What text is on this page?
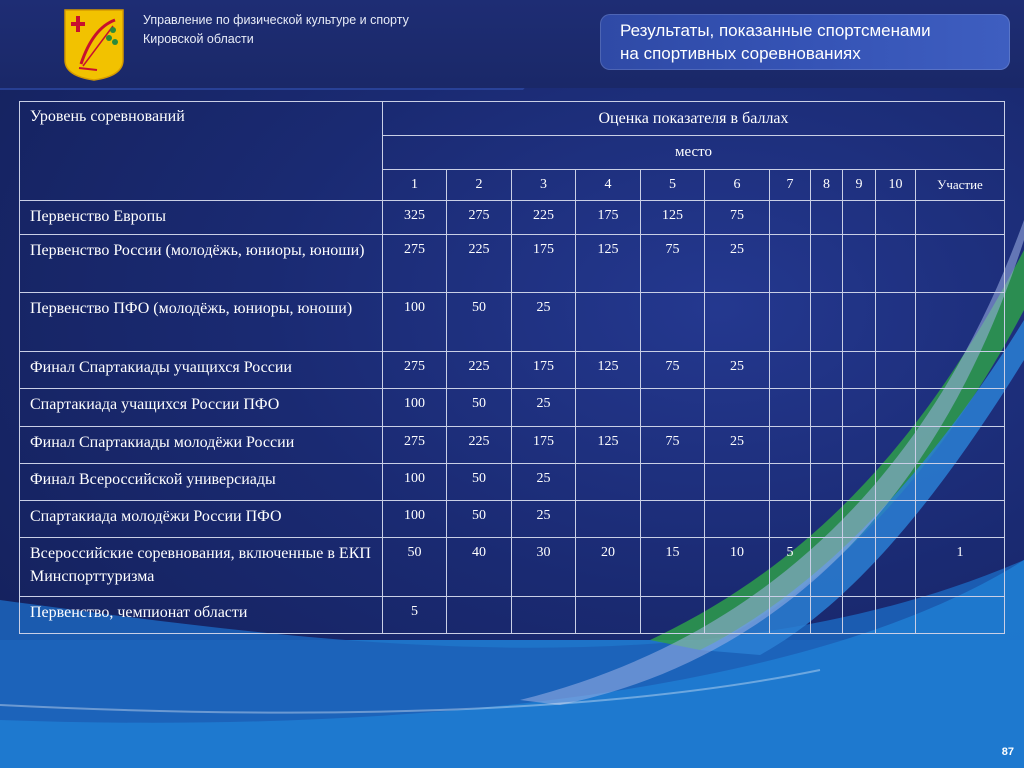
Управление по физической культуре и спорту
Кировской области	Результаты, показанные спортсменами
на спортивных соревнованиях
Уровень соревнований	Оценка показателя в баллах										
	место										
	1	2	3	4	5	6	7	8	9	10	Участие
Первенство Европы	325	275	225	175	125	75					
Первенство России (молодёжь, юниоры, юноши)	275	225	175	125	75	25					
Первенство ПФО (молодёжь, юниоры, юноши)	100	50	25								
Финал Спартакиады учащихся России	275	225	175	125	75	25					
Спартакиада учащихся России ПФО	100	50	25								
Финал Спартакиады молодёжи России	275	225	175	125	75	25					
Финал Всероссийской универсиады	100	50	25								
Спартакиада молодёжи России ПФО	100	50	25								
Всероссийские соревнования, включенные в ЕКП Минспорттуризма	50	40	30	20	15	10	5				1
Первенство, чемпионат области	5										
87
